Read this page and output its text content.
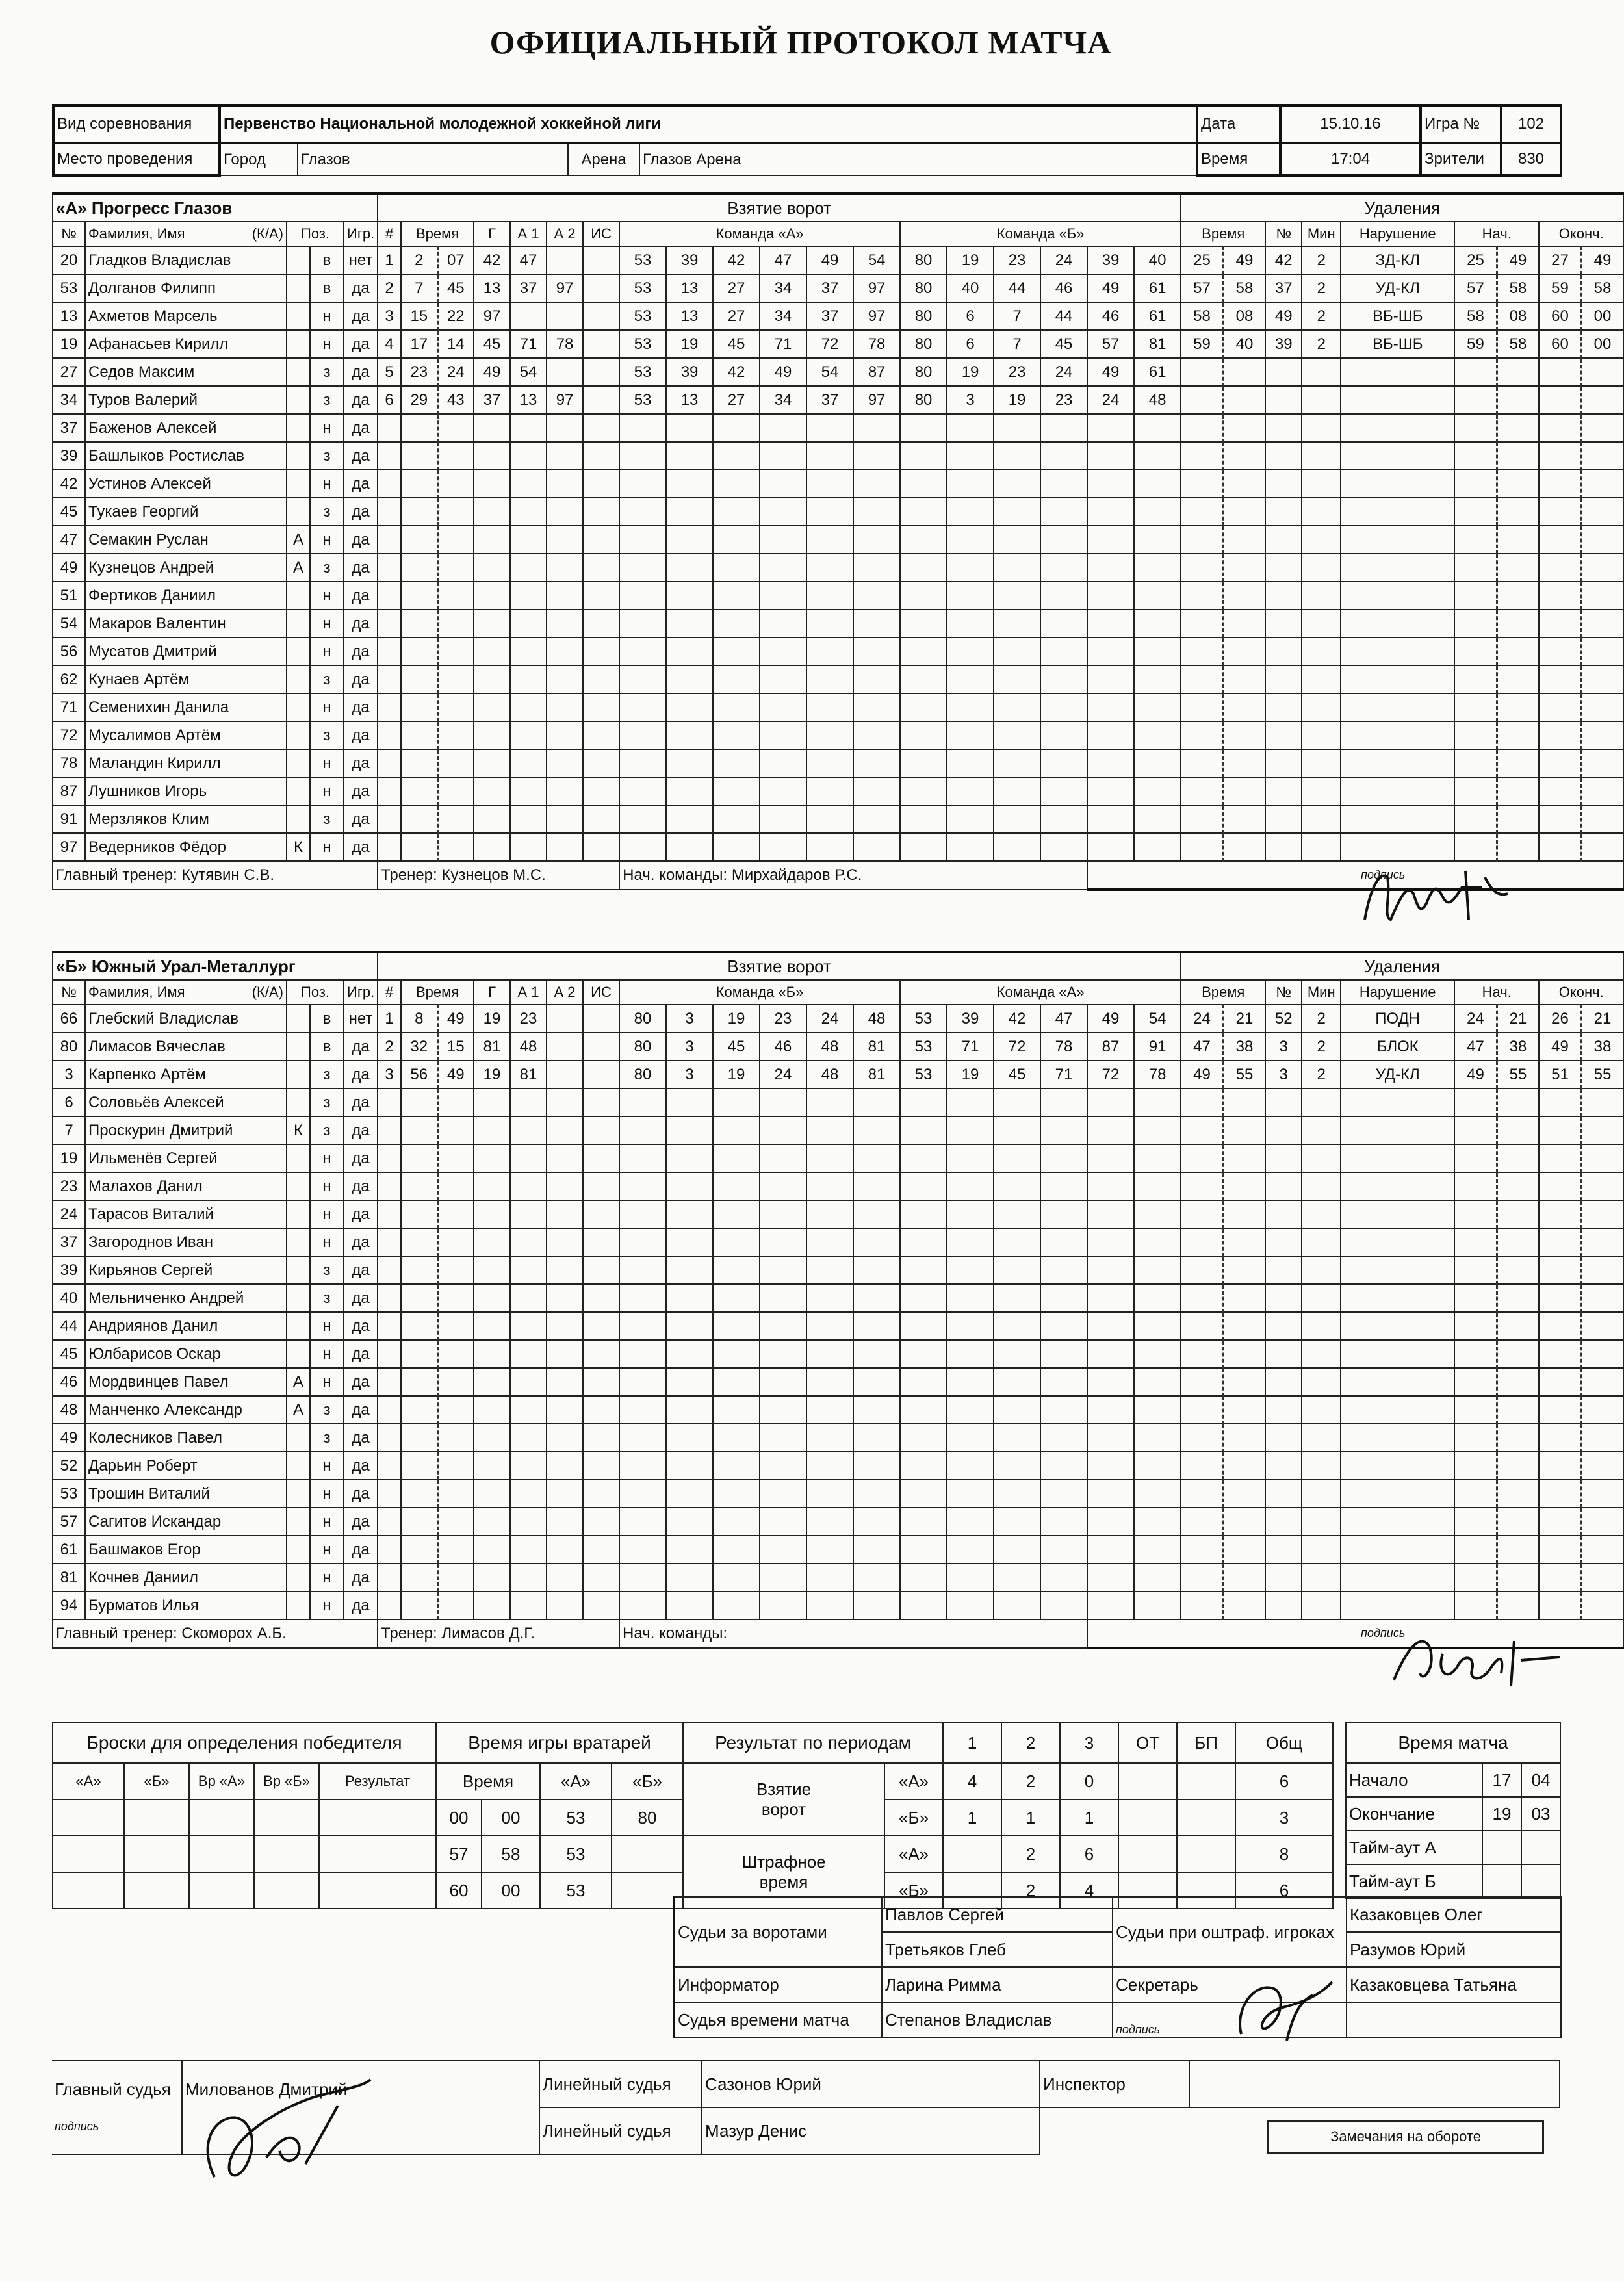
ОФИЦИАЛЬНЫЙ ПРОТОКОЛ МАТЧА
Вид соревнования	Первенство Национальной молодежной хоккейной лиги				Дата	15.10.16	Игра №	102
Место проведения	Город	Глазов	Арена	Глазов Арена	Время	17:04	Зрители	830
«А» Прогресс Глазов					Взятие ворот																			Удаления								
№	Фамилия, Имя (К/А)	Поз.		Игр.	#	Время		Г	А 1	А 2	ИС	Команда «А»						Команда «Б»						Время		№	Мин	Нарушение	Нач.		Оконч.	
20	Гладков Владислав		в	нет	1	2	07	42	47			53	39	42	47	49	54	80	19	23	24	39	40	25	49	42	2	ЗД-КЛ	25	49	27	49
53	Долганов Филипп		в	да	2	7	45	13	37	97		53	13	27	34	37	97	80	40	44	46	49	61	57	58	37	2	УД-КЛ	57	58	59	58
13	Ахметов Марсель		н	да	3	15	22	97				53	13	27	34	37	97	80	6	7	44	46	61	58	08	49	2	ВБ-ШБ	58	08	60	00
19	Афанасьев Кирилл		н	да	4	17	14	45	71	78		53	19	45	71	72	78	80	6	7	45	57	81	59	40	39	2	ВБ-ШБ	59	58	60	00
27	Седов Максим		з	да	5	23	24	49	54			53	39	42	49	54	87	80	19	23	24	49	61									
34	Туров Валерий		з	да	6	29	43	37	13	97		53	13	27	34	37	97	80	3	19	23	24	48									
37	Баженов Алексей		н	да																												
39	Башлыков Ростислав		з	да																												
42	Устинов Алексей		н	да																												
45	Тукаев Георгий		з	да																												
47	Семакин Руслан	А	н	да																												
49	Кузнецов Андрей	А	з	да																												
51	Фертиков Даниил		н	да																												
54	Макаров Валентин		н	да																												
56	Мусатов Дмитрий		н	да																												
62	Кунаев Артём		з	да																												
71	Семенихин Данила		н	да																												
72	Мусалимов Артём		з	да																												
78	Маландин Кирилл		н	да																												
87	Лушников Игорь		н	да																												
91	Мерзляков Клим		з	да																												
97	Ведерников Фёдор	К	н	да																												
Главный тренер: Кутявин С.В.					Тренер: Кузнецов М.С.							Нач. команды: Мирхайдаров Р.С.										подпись										
«Б» Южный Урал-Металлург					Взятие ворот																			Удаления								
№	Фамилия, Имя (К/А)	Поз.		Игр.	#	Время		Г	А 1	А 2	ИС	Команда «Б»						Команда «А»						Время		№	Мин	Нарушение	Нач.		Оконч.	
66	Глебский Владислав		в	нет	1	8	49	19	23			80	3	19	23	24	48	53	39	42	47	49	54	24	21	52	2	ПОДН	24	21	26	21
80	Лимасов Вячеслав		в	да	2	32	15	81	48			80	3	45	46	48	81	53	71	72	78	87	91	47	38	3	2	БЛОК	47	38	49	38
3	Карпенко Артём		з	да	3	56	49	19	81			80	3	19	24	48	81	53	19	45	71	72	78	49	55	3	2	УД-КЛ	49	55	51	55
6	Соловьёв Алексей		з	да																												
7	Проскурин Дмитрий	К	з	да																												
19	Ильменёв Сергей		н	да																												
23	Малахов Данил		н	да																												
24	Тарасов Виталий		н	да																												
37	Загороднов Иван		н	да																												
39	Кирьянов Сергей		з	да																												
40	Мельниченко Андрей		з	да																												
44	Андриянов Данил		н	да																												
45	Юлбарисов Оскар		н	да																												
46	Мордвинцев Павел	А	н	да																												
48	Манченко Александр	А	з	да																												
49	Колесников Павел		з	да																												
52	Дарьин Роберт		н	да																												
53	Трошин Виталий		н	да																												
57	Сагитов Искандар		н	да																												
61	Башмаков Егор		н	да																												
81	Кочнев Даниил		н	да																												
94	Бурматов Илья		н	да																												
Главный тренер: Скоморох А.Б.					Тренер: Лимасов Д.Г.							Нач. команды:										подпись										
Броски для определения победителя				
«А»	«Б»	Вр «А»	Вр «Б»	Результат

Время игры вратарей			
Время		«А»	«Б»
00	00	53	80
57	58	53	
60	00	53	
Результат по периодам		1	2	3	ОТ	БП	Общ
Взятие ворот	«А»	4	2	0			6
	«Б»	1	1	1			3
Штрафное время	«А»		2	6			8
	«Б»		2	4			6
Время матча		
Начало	17	04
Окончание	19	03
Тайм-аут А		
Тайм-аут Б		
Судьи за воротами	Павлов Сергей	Судьи при оштраф. игроках	Казаковцев Олег
	Третьяков Глеб		Разумов Юрий
Информатор	Ларина Римма	Секретарь	Казаковцева Татьяна
Судья времени матча	Степанов Владислав	подпись	
Главный судья	Милованов Дмитрий	Линейный судья	Сазонов Юрий	Инспектор	
		Линейный судья	Мазур Денис		
подпись
Замечания на обороте
